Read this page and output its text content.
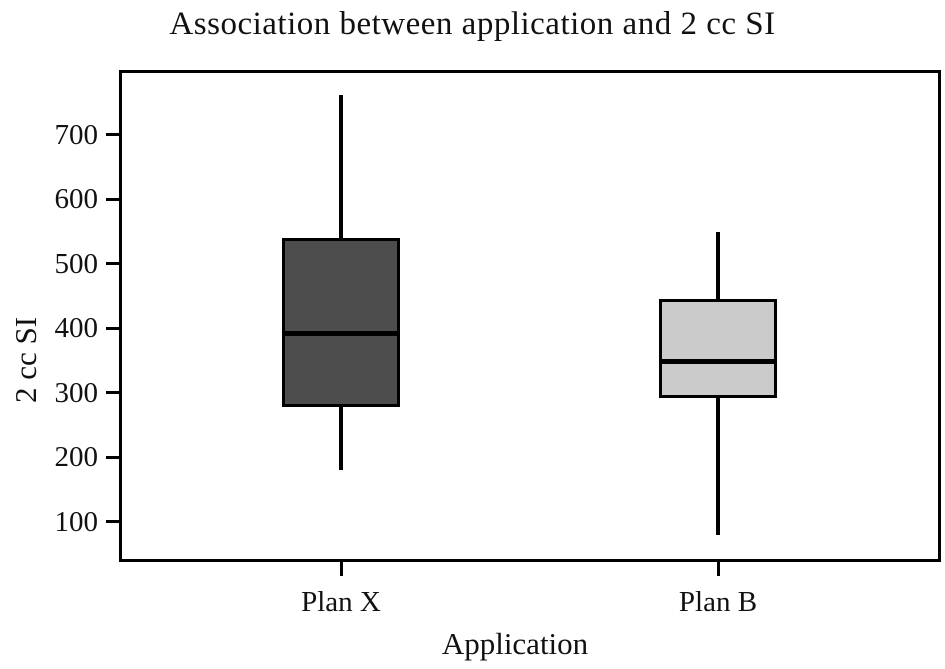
Association between application and 2 cc SI
2 cc SI
Application
100
200
300
400
500
600
700
Plan X	Plan B
